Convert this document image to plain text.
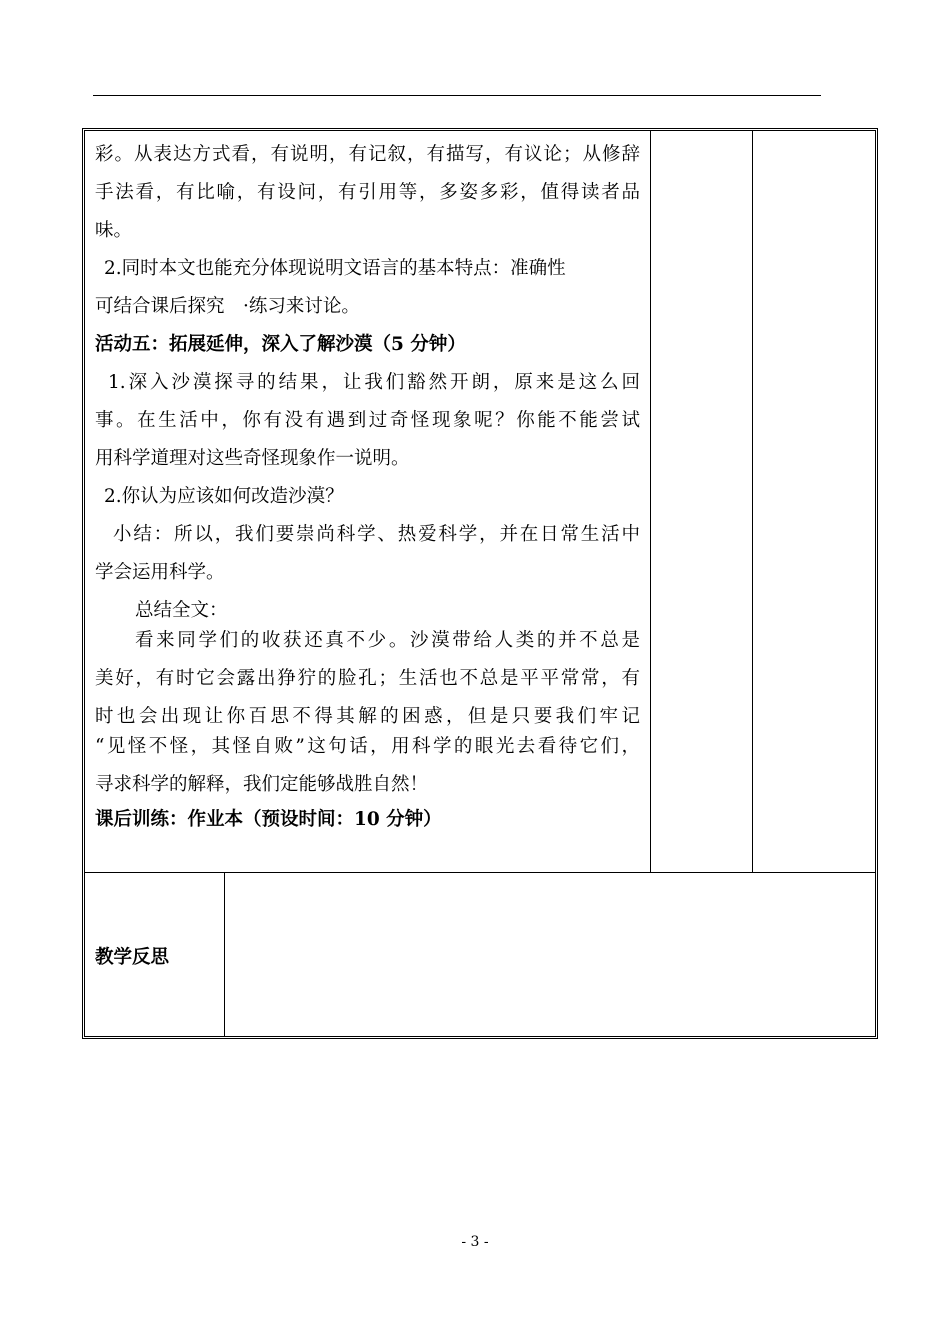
彩。从表达方式看，有说明，有记叙，有描写，有议论；从修辞
手法看，有比喻，有设问，有引用等，多姿多彩，值得读者品
味。
2.同时本文也能充分体现说明文语言的基本特点：准确性
可结合课后探究　·练习来讨论。
活动五：拓展延伸，深入了解沙漠（5 分钟）
1.深入沙漠探寻的结果，让我们豁然开朗，原来是这么回
事。在生活中，你有没有遇到过奇怪现象呢？你能不能尝试
用科学道理对这些奇怪现象作一说明。
2.你认为应该如何改造沙漠？
小结：所以，我们要崇尚科学、热爱科学，并在日常生活中
学会运用科学。
总结全文：
看来同学们的收获还真不少。沙漠带给人类的并不总是
美好，有时它会露出狰狞的脸孔；生活也不总是平平常常，有
时也会出现让你百思不得其解的困惑，但是只要我们牢记
“见怪不怪，其怪自败”这句话，用科学的眼光去看待它们，
寻求科学的解释，我们定能够战胜自然！
课后训练：作业本（预设时间：10 分钟）
教学反思
- 3 -
